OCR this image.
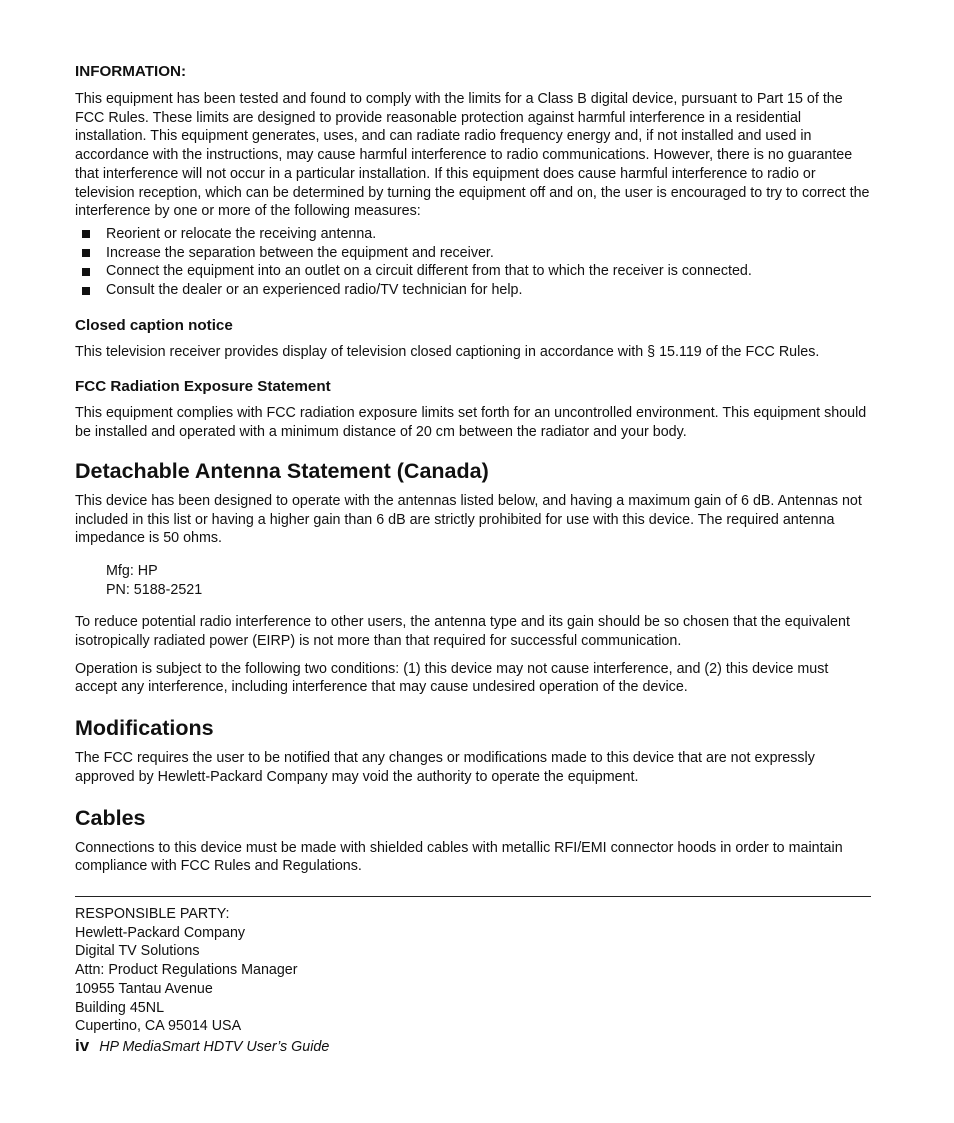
INFORMATION:

This equipment has been tested and found to comply with the limits for a Class B digital device, pursuant to Part 15 of the FCC Rules. These limits are designed to provide reasonable protection against harmful interference in a residential installation. This equipment generates, uses, and can radiate radio frequency energy and, if not installed and used in accordance with the instructions, may cause harmful interference to radio communications. However, there is no guarantee that interference will not occur in a particular installation. If this equipment does cause harmful interference to radio or television reception, which can be determined by turning the equipment off and on, the user is encouraged to try to correct the interference by one or more of the following measures:

Reorient or relocate the receiving antenna.
Increase the separation between the equipment and receiver.
Connect the equipment into an outlet on a circuit different from that to which the receiver is connected.
Consult the dealer or an experienced radio/TV technician for help.
Closed caption notice

This television receiver provides display of television closed captioning in accordance with § 15.119 of the FCC Rules.

FCC Radiation Exposure Statement

This equipment complies with FCC radiation exposure limits set forth for an uncontrolled environment. This equipment should be installed and operated with a minimum distance of 20 cm between the radiator and your body.

Detachable Antenna Statement (Canada)

This device has been designed to operate with the antennas listed below, and having a maximum gain of 6 dB. Antennas not included in this list or having a higher gain than 6 dB are strictly prohibited for use with this device. The required antenna impedance is 50 ohms.

Mfg: HP

PN: 5188-2521

To reduce potential radio interference to other users, the antenna type and its gain should be so chosen that the equivalent isotropically radiated power (EIRP) is not more than that required for successful communication.

Operation is subject to the following two conditions: (1) this device may not cause interference, and (2) this device must accept any interference, including interference that may cause undesired operation of the device.

Modifications

The FCC requires the user to be notified that any changes or modifications made to this device that are not expressly approved by Hewlett-Packard Company may void the authority to operate the equipment.

Cables

Connections to this device must be made with shielded cables with metallic RFI/EMI connector hoods in order to maintain compliance with FCC Rules and Regulations.

RESPONSIBLE PARTY:

Hewlett-Packard Company

Digital TV Solutions

Attn: Product Regulations Manager

10955 Tantau Avenue

Building 45NL

Cupertino, CA 95014 USA

iv HP MediaSmart HDTV User’s Guide
